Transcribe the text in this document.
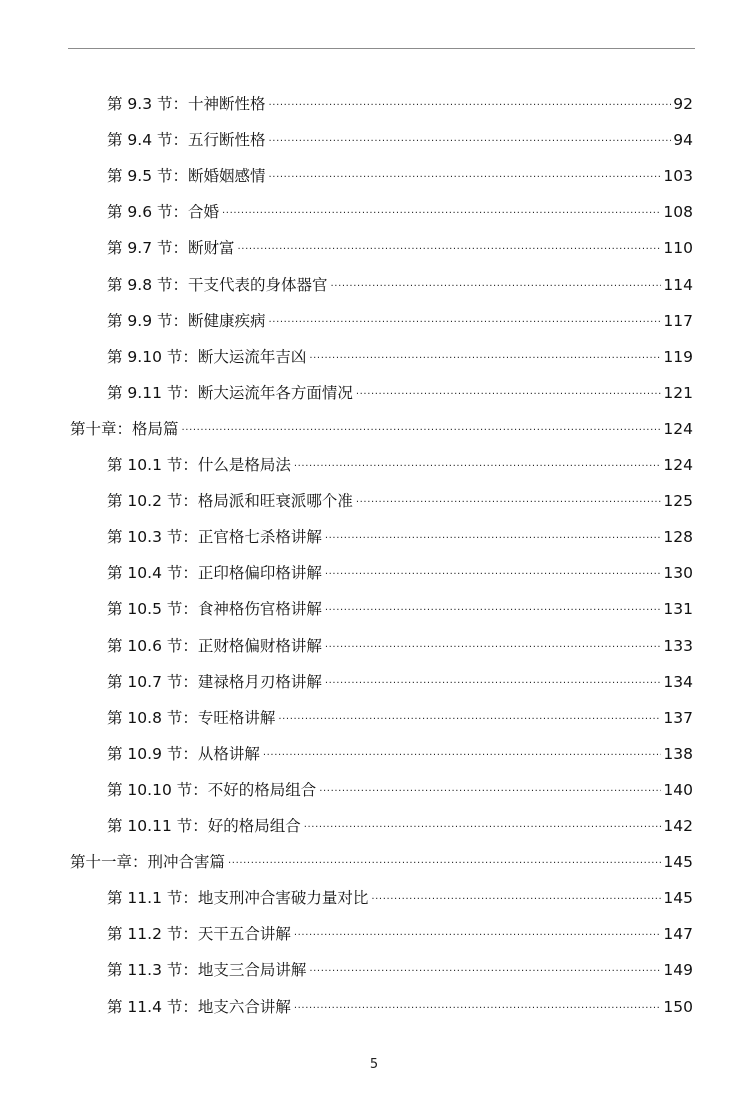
第 9.3 节：十神断性格 .....	92
第 9.4 节：五行断性格 .....	94
第 9.5 节：断婚姻感情 .....	103
第 9.6 节：合婚 .....	108
第 9.7 节：断财富 .....	110
第 9.8 节：干支代表的身体器官 .....	114
第 9.9 节：断健康疾病 .....	117
第 9.10 节：断大运流年吉凶 .....	119
第 9.11 节：断大运流年各方面情况 .....	121
第十章：格局篇 .....	124
第 10.1 节：什么是格局法 .....	124
第 10.2 节：格局派和旺衰派哪个准 .....	125
第 10.3 节：正官格七杀格讲解 .....	128
第 10.4 节：正印格偏印格讲解 .....	130
第 10.5 节：食神格伤官格讲解 .....	131
第 10.6 节：正财格偏财格讲解 .....	133
第 10.7 节：建禄格月刃格讲解 .....	134
第 10.8 节：专旺格讲解 .....	137
第 10.9 节：从格讲解 .....	138
第 10.10 节：不好的格局组合 .....	140
第 10.11 节：好的格局组合 .....	142
第十一章：刑冲合害篇 .....	145
第 11.1 节：地支刑冲合害破力量对比 .....	145
第 11.2 节：天干五合讲解 .....	147
第 11.3 节：地支三合局讲解 .....	149
第 11.4 节：地支六合讲解 .....	150
5
